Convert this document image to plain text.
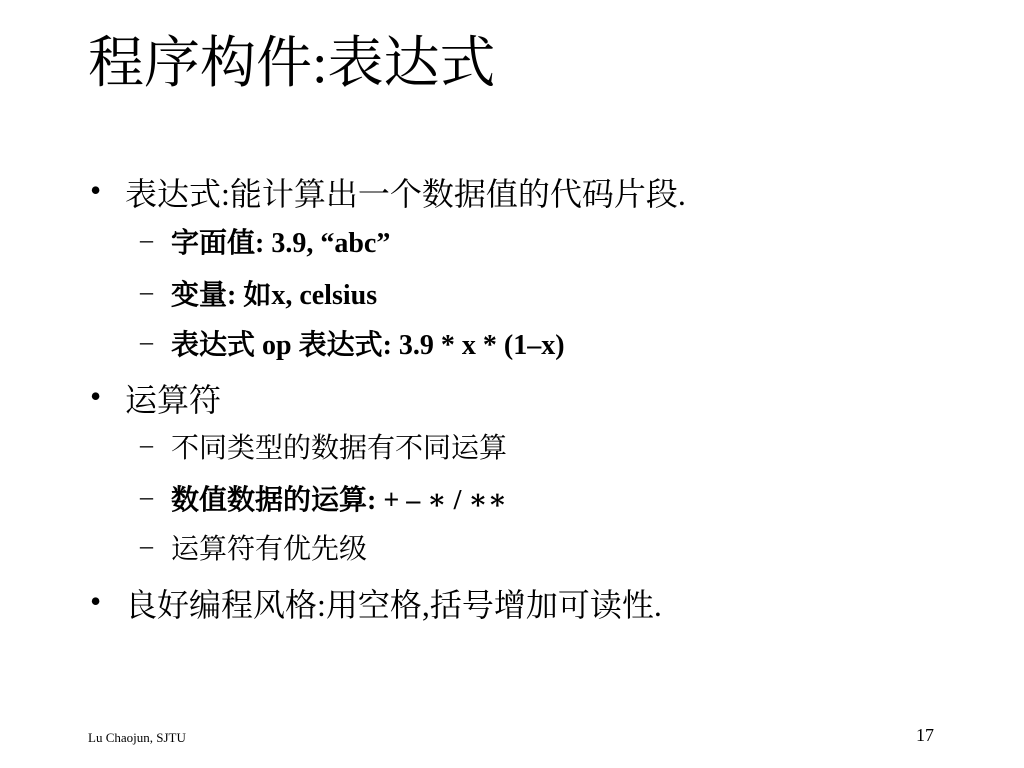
程序构件:表达式
• 表达式:能计算出一个数据值的代码片段.
– 字面值: 3.9, “abc”
– 变量: 如x, celsius
– 表达式 op 表达式: 3.9 * x * (1–x)
• 运算符
– 不同类型的数据有不同运算
– 数值数据的运算: + – ∗ / ∗∗
– 运算符有优先级
• 良好编程风格:用空格,括号增加可读性.
Lu Chaojun, SJTU	17
